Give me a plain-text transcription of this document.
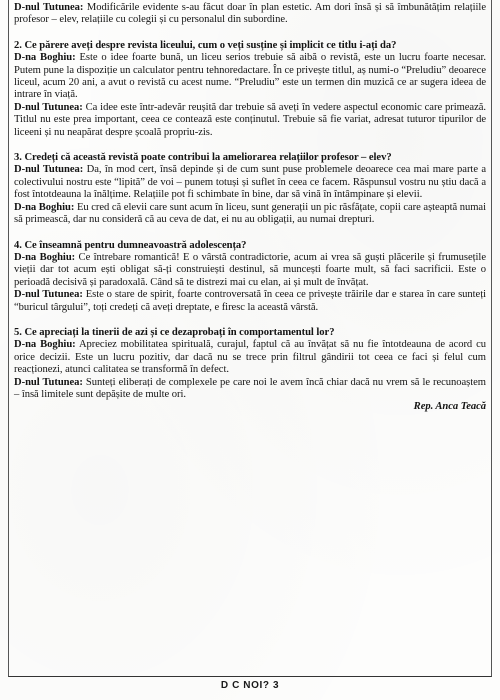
D-nul Tutunea: Modificările evidente s-au făcut doar în plan estetic. Am dori însă și să îmbunătățim relațiile profesor – elev, relațiile cu colegii și cu personalul din subordine.

2. Ce părere aveți despre revista liceului, cum o veți susține și implicit ce titlu i-ați da?

D-na Boghiu: Este o idee foarte bună, un liceu serios trebuie să aibă o revistă, este un lucru foarte necesar. Putem pune la dispoziție un calculator pentru tehnoredactare. În ce privește titlul, aș numi-o “Preludiu” deoarece liceul, acum 20 ani, a avut o revistă cu acest nume. “Preludiu” este un termen din muzică ce ar sugera ideea de intrare în viață.

D-nul Tutunea: Ca idee este într-adevăr reușită dar trebuie să aveți în vedere aspectul economic care primează. Titlul nu este prea important, ceea ce contează este conținutul. Trebuie să fie variat, adresat tuturor tipurilor de liceeni și nu neapărat despre școală propriu-zis.

3. Credeți că această revistă poate contribui la ameliorarea relațiilor profesor – elev?

D-nul Tutunea: Da, în mod cert, însă depinde și de cum sunt puse problemele deoarece cea mai mare parte a colectivului nostru este “lipită” de voi – punem totuși și suflet în ceea ce facem. Răspunsul vostru nu știu dacă a fost întotdeauna la înălțime. Relațiile pot fi schimbate în bine, dar să vină în întâmpinare și elevii.

D-na Boghiu: Eu cred că elevii care sunt acum în liceu, sunt generații un pic răsfățate, copii care așteaptă numai să primească, dar nu consideră că au ceva de dat, ei nu au obligații, au numai drepturi.

4. Ce înseamnă pentru dumneavoastră adolescența?

D-na Boghiu: Ce întrebare romantică! E o vârstă contradictorie, acum ai vrea să guști plăcerile și frumusețile vieții dar tot acum ești obligat să-ți construiești destinul, să muncești foarte mult, să faci sacrificii. Este o perioadă decisivă și paradoxală. Când să te distrezi mai cu elan, ai și mult de învățat.

D-nul Tutunea: Este o stare de spirit, foarte controversată în ceea ce privește trăirile dar e starea în care sunteți “buricul târgului”, toți credeți că aveți dreptate, e firesc la această vârstă.

5. Ce apreciați la tinerii de azi și ce dezaprobați în comportamentul lor?

D-na Boghiu: Apreciez mobilitatea spirituală, curajul, faptul că au învățat să nu fie întotdeauna de acord cu orice decizii. Este un lucru pozitiv, dar dacă nu se trece prin filtrul gândirii tot ceea ce faci și felul cum reacționezi, atunci calitatea se transformă în defect.

D-nul Tutunea: Sunteți eliberați de complexele pe care noi le avem încă chiar dacă nu vrem să le recunoaștem – însă limitele sunt depășite de multe ori.

Rep. Anca Teacă

D C NOI? 3
